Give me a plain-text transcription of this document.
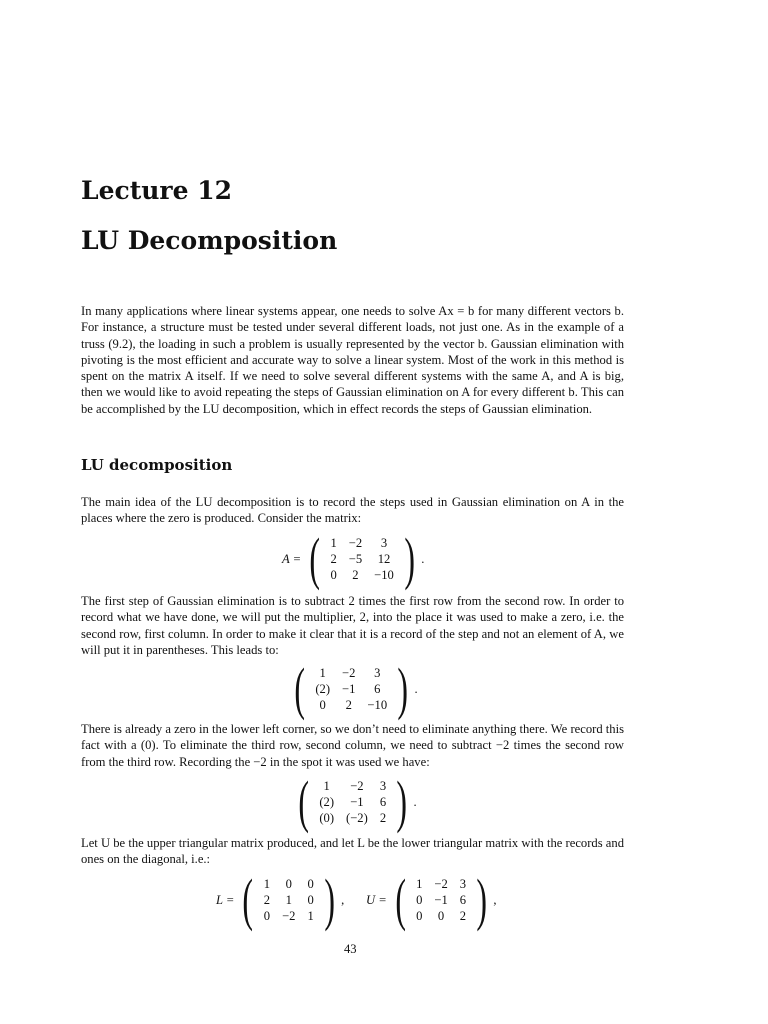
Lecture 12
LU Decomposition
In many applications where linear systems appear, one needs to solve Ax = b for many different vectors b. For instance, a structure must be tested under several different loads, not just one. As in the example of a truss (9.2), the loading in such a problem is usually represented by the vector b. Gaussian elimination with pivoting is the most efficient and accurate way to solve a linear system. Most of the work in this method is spent on the matrix A itself. If we need to solve several different systems with the same A, and A is big, then we would like to avoid repeating the steps of Gaussian elimination on A for every different b. This can be accomplished by the LU decomposition, which in effect records the steps of Gaussian elimination.
LU decomposition
The main idea of the LU decomposition is to record the steps used in Gaussian elimination on A in the places where the zero is produced. Consider the matrix:
A = ( 1	−2	3
2	−5	12
0	2	−10 ) .
The first step of Gaussian elimination is to subtract 2 times the first row from the second row. In order to record what we have done, we will put the multiplier, 2, into the place it was used to make a zero, i.e. the second row, first column. In order to make it clear that it is a record of the step and not an element of A, we will put it in parentheses. This leads to:
( 1	−2	3
(2)	−1	6
0	2	−10 ) .
There is already a zero in the lower left corner, so we don’t need to eliminate anything there. We record this fact with a (0). To eliminate the third row, second column, we need to subtract −2 times the second row from the third row. Recording the −2 in the spot it was used we have:
( 1	−2	3
(2)	−1	6
(0)	(−2)	2 ) .
Let U be the upper triangular matrix produced, and let L be the lower triangular matrix with the records and ones on the diagonal, i.e.:
L = ( 1	0	0
2	1	0
0	−2	1 ) , U = ( 1	−2	3
0	−1	6
0	0	2 ) ,
43
